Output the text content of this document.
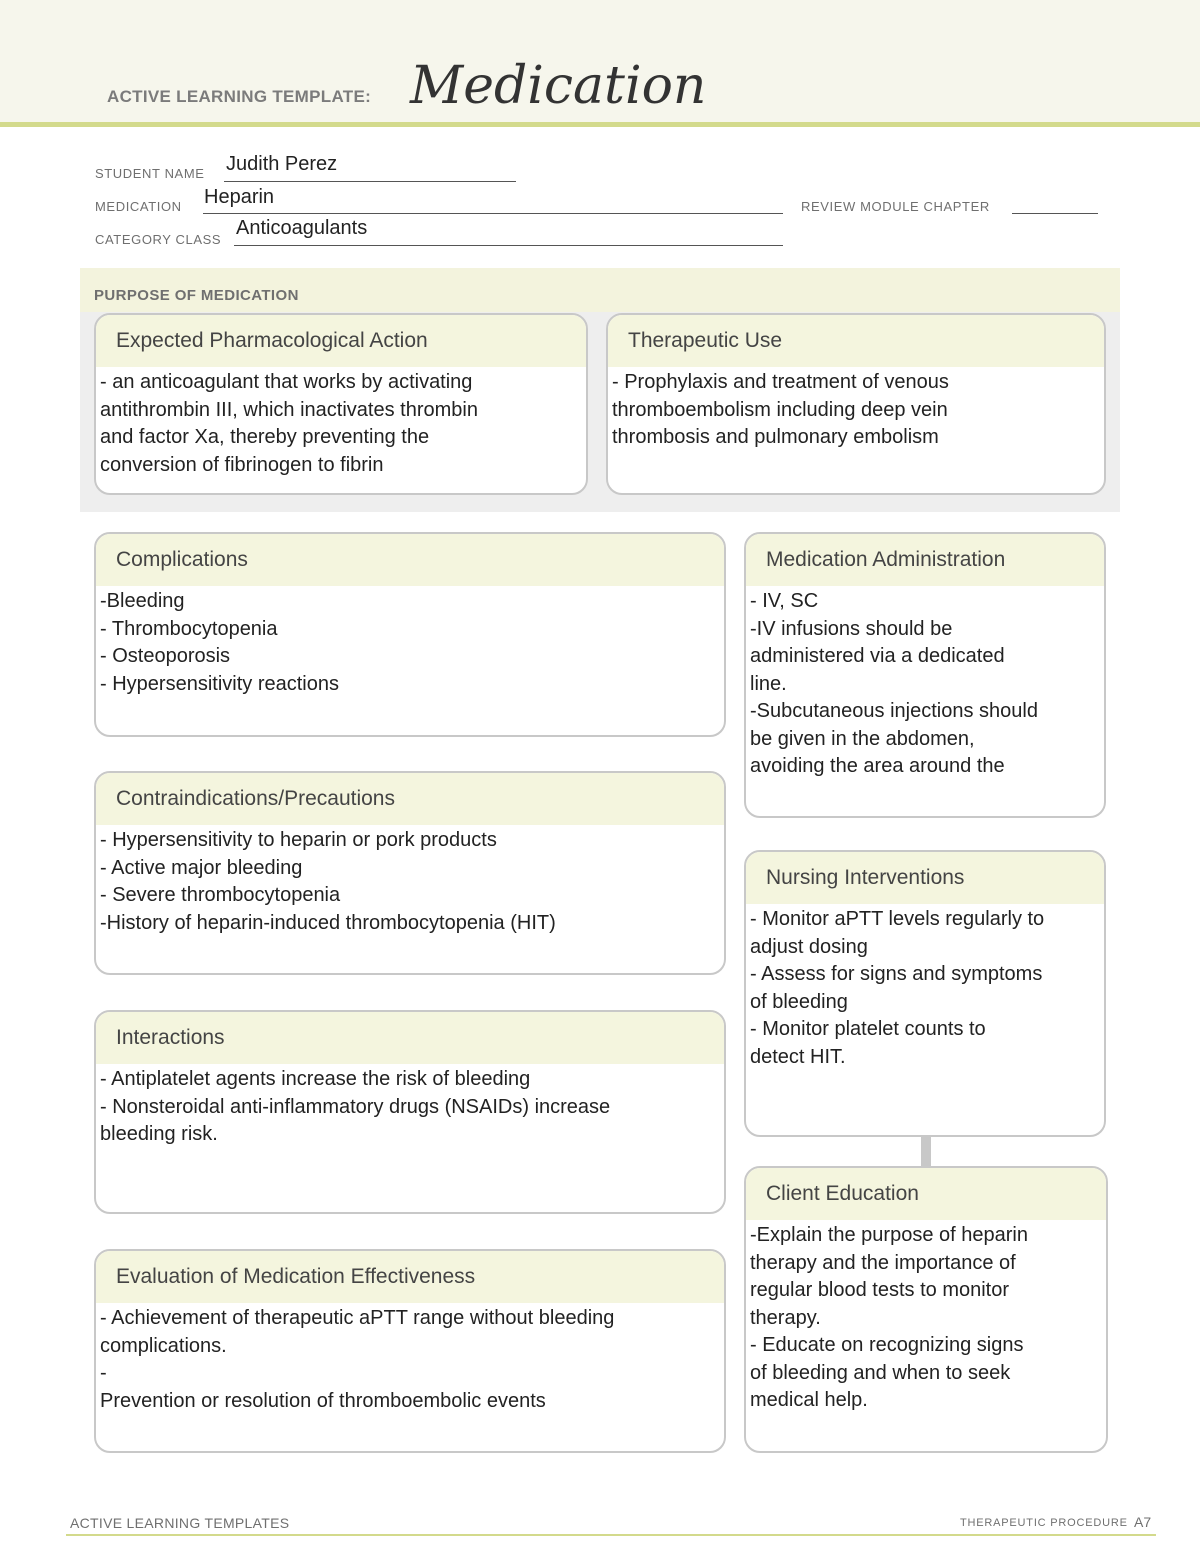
ACTIVE LEARNING TEMPLATE: Medication
STUDENT NAME Judith Perez
MEDICATION Heparin	REVIEW MODULE CHAPTER
CATEGORY CLASS
Anticoagulants
PURPOSE OF MEDICATION
Expected Pharmacological Action
- an anticoagulant that works by activating
antithrombin III, which inactivates thrombin
and factor Xa, thereby preventing the
conversion of fibrinogen to fibrin
Therapeutic Use
- Prophylaxis and treatment of venous
thromboembolism including deep vein
thrombosis and pulmonary embolism
Complications
-Bleeding
- Thrombocytopenia
- Osteoporosis
- Hypersensitivity reactions
Contraindications/Precautions
- Hypersensitivity to heparin or pork products
- Active major bleeding
- Severe thrombocytopenia
-History of heparin-induced thrombocytopenia (HIT)
Interactions
- Antiplatelet agents increase the risk of bleeding
- Nonsteroidal anti-inflammatory drugs (NSAIDs) increase
bleeding risk.
Evaluation of Medication Effectiveness
- Achievement of therapeutic aPTT range without bleeding
complications.
-
Prevention or resolution of thromboembolic events
Medication Administration
- IV, SC
-IV infusions should be
administered via a dedicated
line.
-Subcutaneous injections should
be given in the abdomen,
avoiding the area around the
Nursing Interventions
- Monitor aPTT levels regularly to
adjust dosing
- Assess for signs and symptoms
of bleeding
- Monitor platelet counts to
detect HIT.
Client Education
-Explain the purpose of heparin
therapy and the importance of
regular blood tests to monitor
therapy.
- Educate on recognizing signs
of bleeding and when to seek
medical help.
ACTIVE LEARNING TEMPLATES	THERAPEUTIC PROCEDURE A7
